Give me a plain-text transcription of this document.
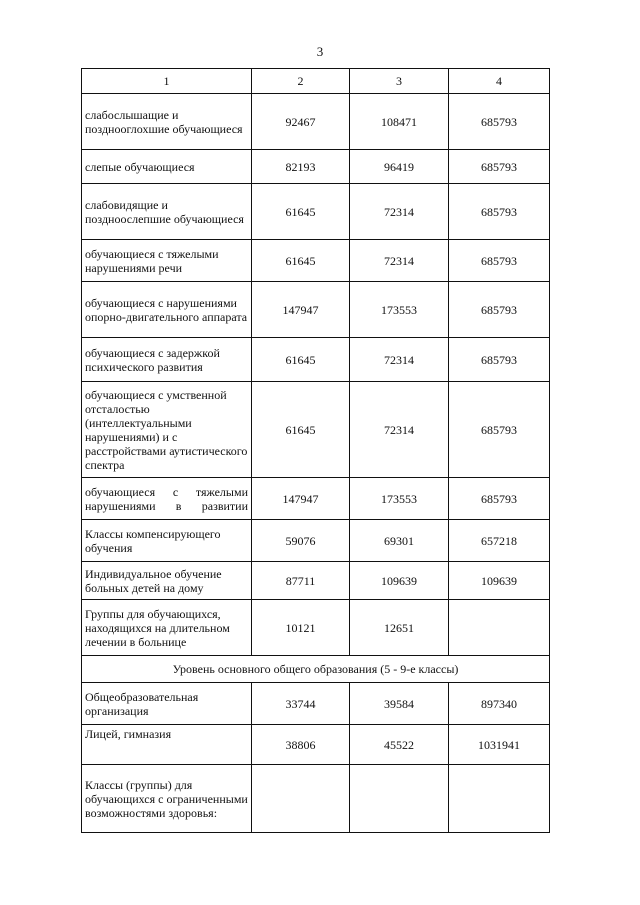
3
1	2	3	4
слабослышащие и позднооглохшие обучающиеся	92467	108471	685793
слепые обучающиеся	82193	96419	685793
слабовидящие и поздноослепшие обучающиеся	61645	72314	685793
обучающиеся с тяжелыми нарушениями речи	61645	72314	685793
обучающиеся с нарушениями опорно-двигательного аппарата	147947	173553	685793
обучающиеся с задержкой психического развития	61645	72314	685793
обучающиеся с умственной отсталостью (интеллектуальными нарушениями) и с расстройствами аутистического спектра	61645	72314	685793
обучающиеся с тяжелыми нарушениями в развитии	147947	173553	685793
Классы компенсирующего обучения	59076	69301	657218
Индивидуальное обучение больных детей на дому	87711	109639	109639
Группы для обучающихся, находящихся на длительном лечении в больнице	10121	12651	
Уровень основного общего образования (5 - 9-е классы)			
Общеобразовательная организация	33744	39584	897340
Лицей, гимназия	38806	45522	1031941
Классы (группы) для обучающихся с ограниченными возможностями здоровья:			
